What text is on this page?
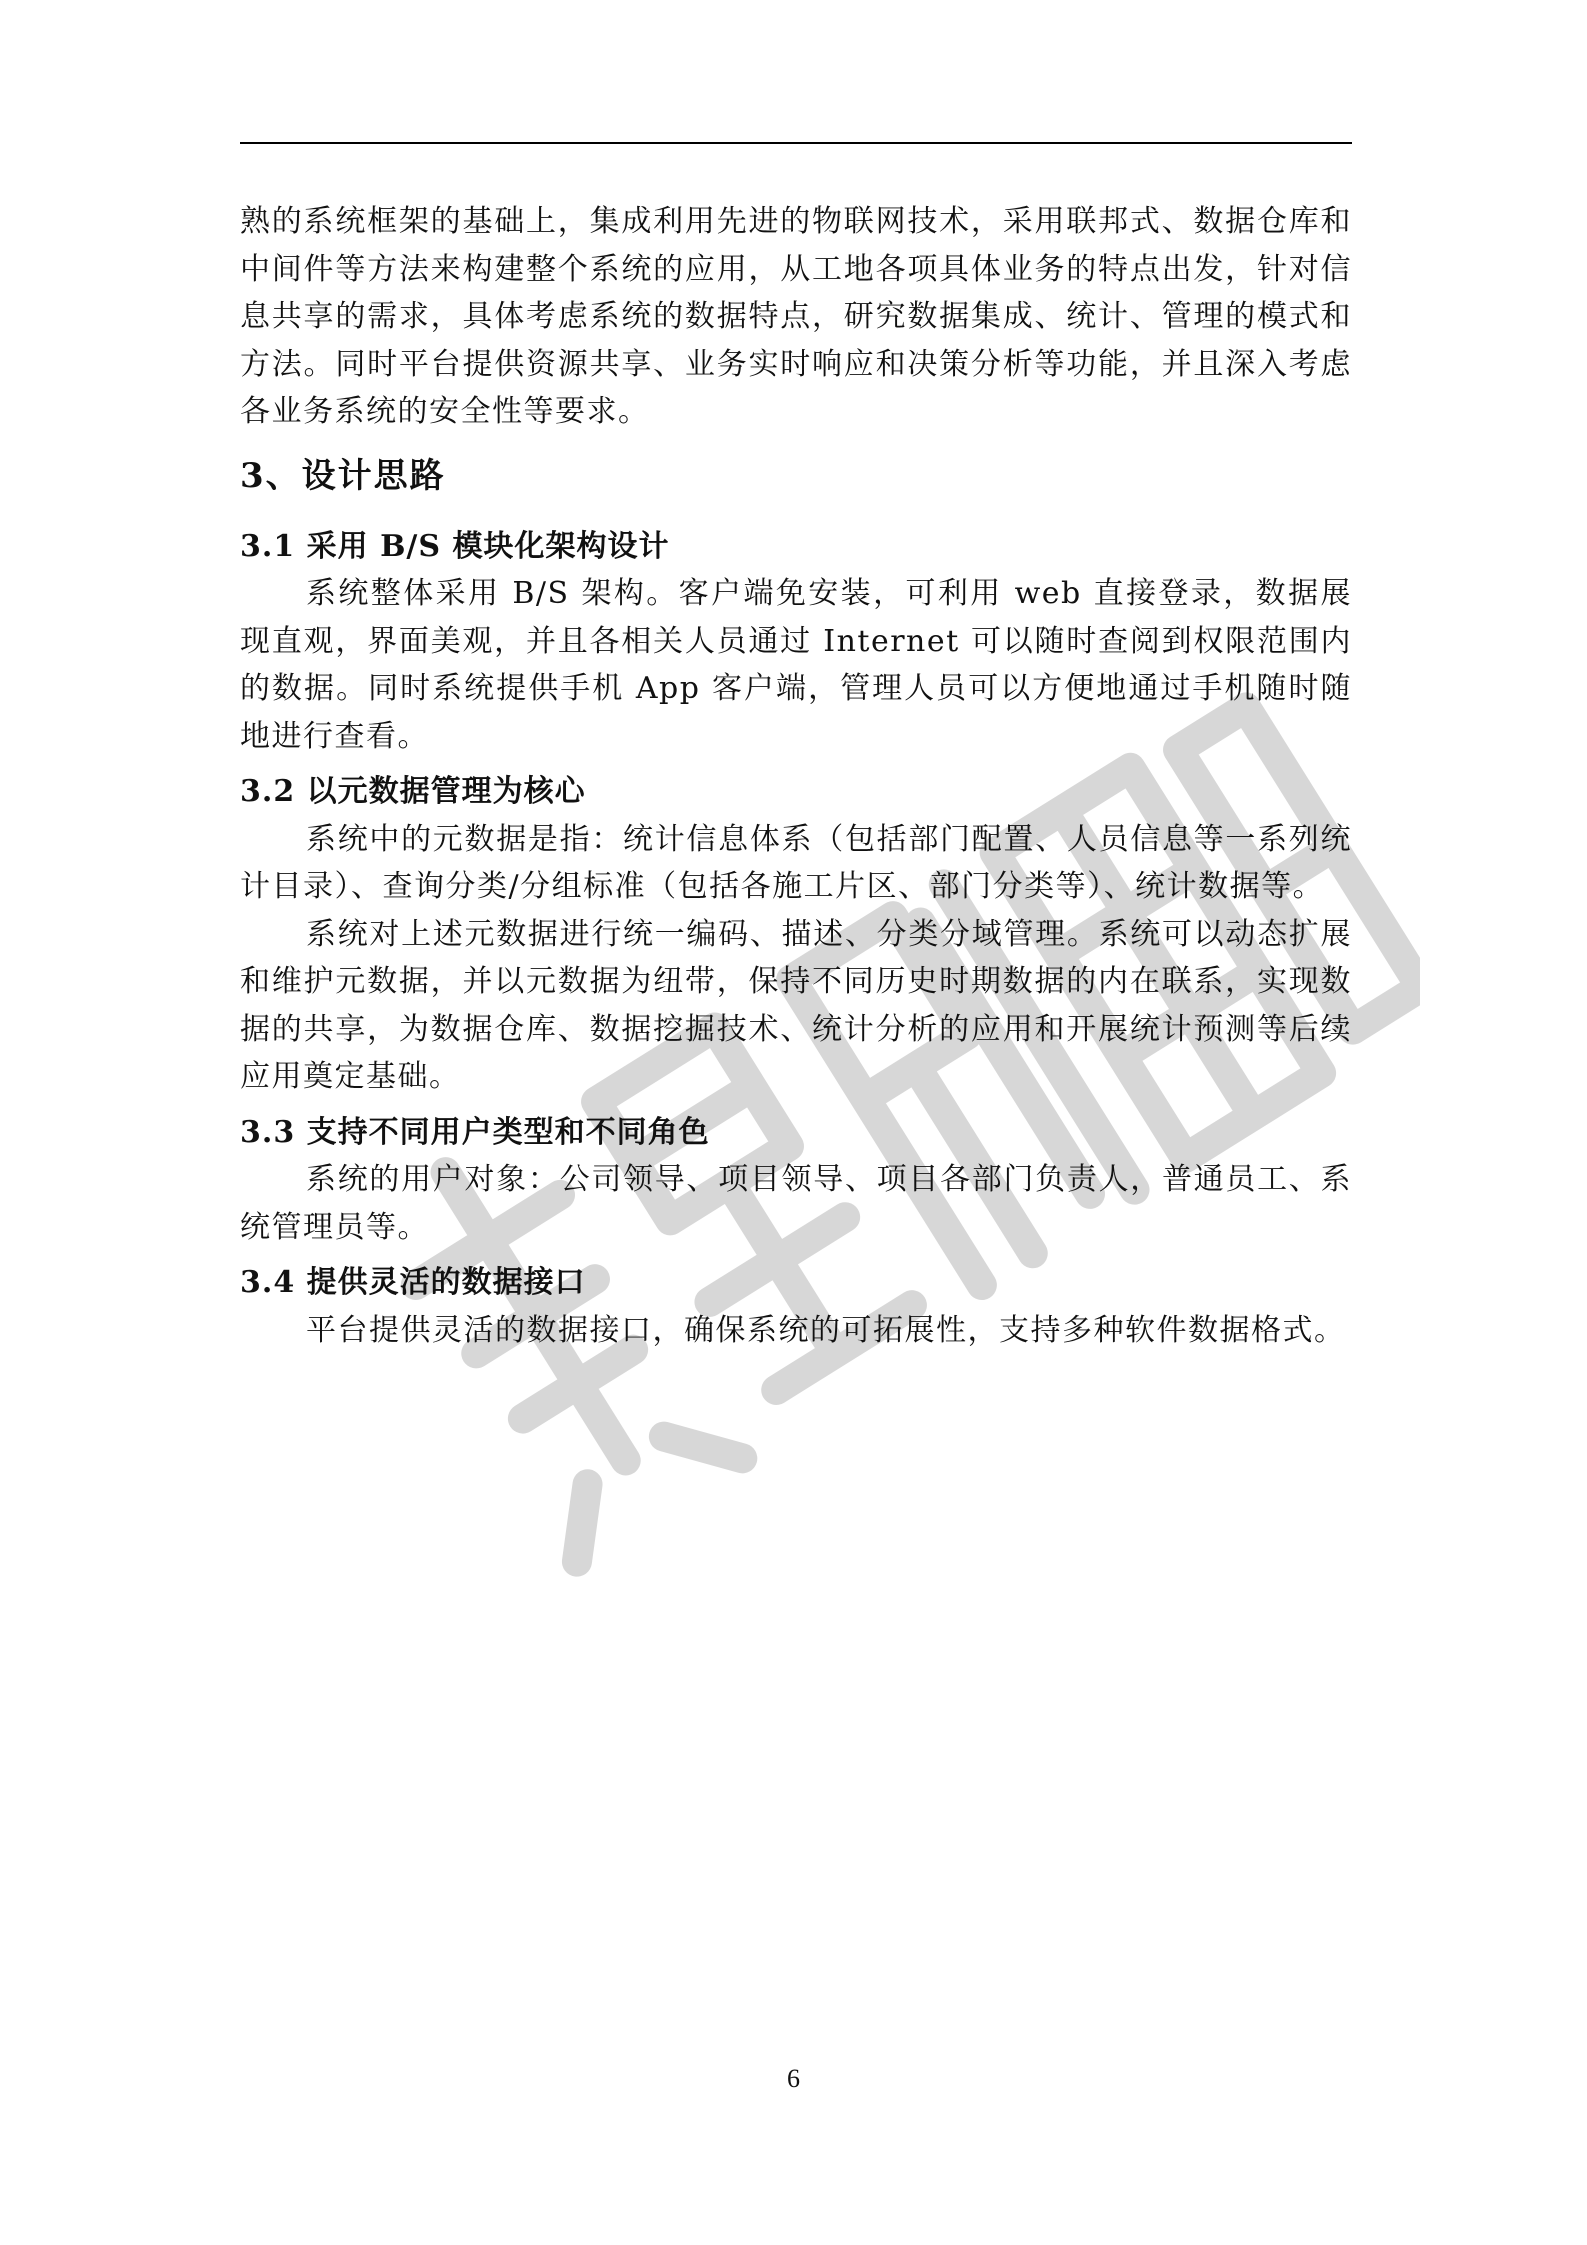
熟的系统框架的基础上，集成利用先进的物联网技术，采用联邦式、数据仓库和中间件等方法来构建整个系统的应用，从工地各项具体业务的特点出发，针对信息共享的需求，具体考虑系统的数据特点，研究数据集成、统计、管理的模式和方法。同时平台提供资源共享、业务实时响应和决策分析等功能，并且深入考虑各业务系统的安全性等要求。

3、设计思路
3.1 采用 B/S 模块化架构设计

系统整体采用 B/S 架构。客户端免安装，可利用 web 直接登录，数据展现直观，界面美观，并且各相关人员通过 Internet 可以随时查阅到权限范围内的数据。同时系统提供手机 App 客户端，管理人员可以方便地通过手机随时随地进行查看。

3.2 以元数据管理为核心

系统中的元数据是指：统计信息体系（包括部门配置、人员信息等一系列统计目录）、查询分类/分组标准（包括各施工片区、部门分类等）、统计数据等。

系统对上述元数据进行统一编码、描述、分类分域管理。系统可以动态扩展和维护元数据，并以元数据为纽带，保持不同历史时期数据的内在联系，实现数据的共享，为数据仓库、数据挖掘技术、统计分析的应用和开展统计预测等后续应用奠定基础。

3.3 支持不同用户类型和不同角色

系统的用户对象：公司领导、项目领导、项目各部门负责人，普通员工、系统管理员等。

3.4 提供灵活的数据接口

平台提供灵活的数据接口，确保系统的可拓展性，支持多种软件数据格式。

6
